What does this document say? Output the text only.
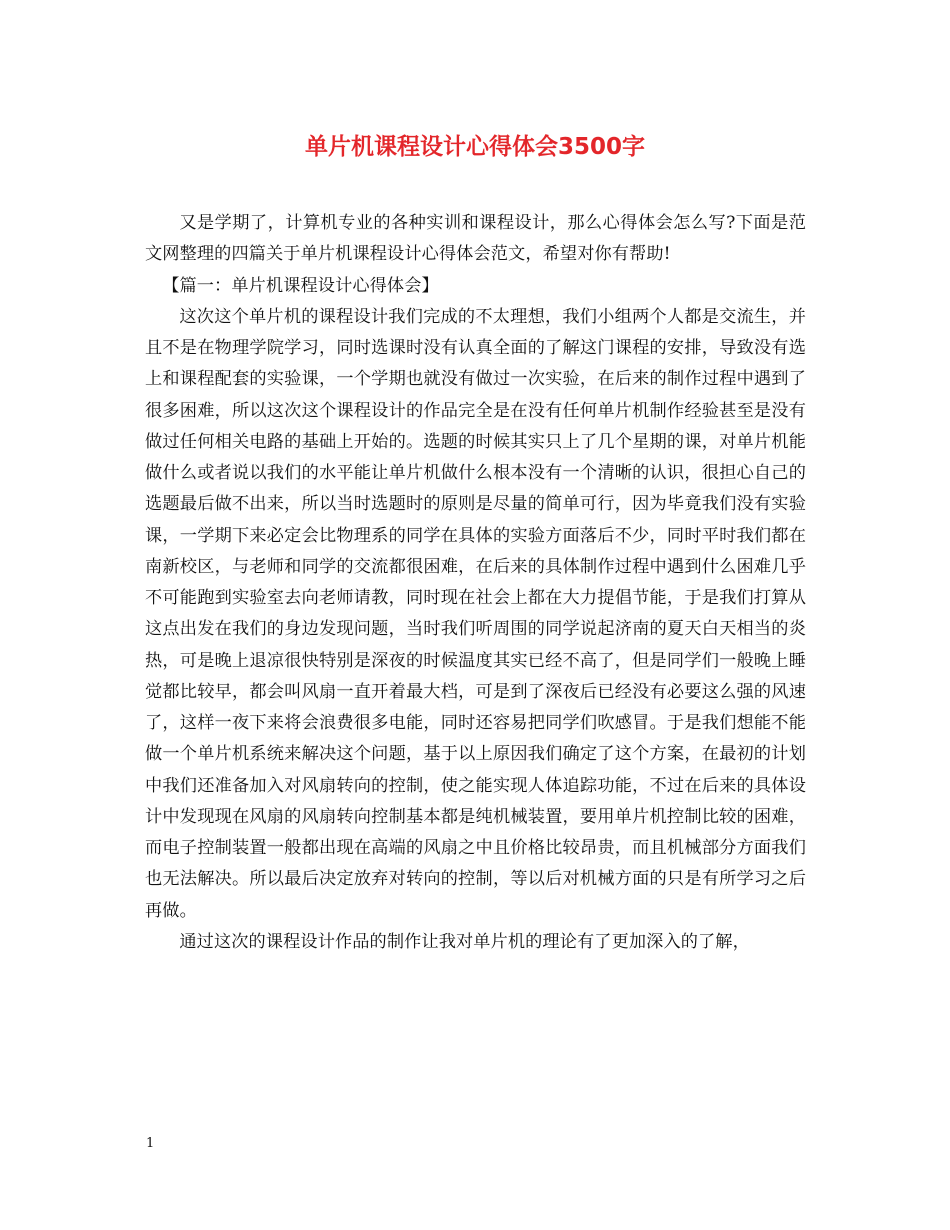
单片机课程设计心得体会3500字

又是学期了，计算机专业的各种实训和课程设计，那么心得体会怎么写?下面是范文网整理的四篇关于单片机课程设计心得体会范文，希望对你有帮助!

【篇一：单片机课程设计心得体会】

这次这个单片机的课程设计我们完成的不太理想，我们小组两个人都是交流生，并且不是在物理学院学习，同时选课时没有认真全面的了解这门课程的安排，导致没有选上和课程配套的实验课，一个学期也就没有做过一次实验，在后来的制作过程中遇到了很多困难，所以这次这个课程设计的作品完全是在没有任何单片机制作经验甚至是没有做过任何相关电路的基础上开始的。选题的时候其实只上了几个星期的课，对单片机能做什么或者说以我们的水平能让单片机做什么根本没有一个清晰的认识，很担心自己的选题最后做不出来，所以当时选题时的原则是尽量的简单可行，因为毕竟我们没有实验课，一学期下来必定会比物理系的同学在具体的实验方面落后不少，同时平时我们都在南新校区，与老师和同学的交流都很困难，在后来的具体制作过程中遇到什么困难几乎不可能跑到实验室去向老师请教，同时现在社会上都在大力提倡节能，于是我们打算从这点出发在我们的身边发现问题，当时我们听周围的同学说起济南的夏天白天相当的炎热，可是晚上退凉很快特别是深夜的时候温度其实已经不高了，但是同学们一般晚上睡觉都比较早，都会叫风扇一直开着最大档，可是到了深夜后已经没有必要这么强的风速了，这样一夜下来将会浪费很多电能，同时还容易把同学们吹感冒。于是我们想能不能做一个单片机系统来解决这个问题，基于以上原因我们确定了这个方案，在最初的计划中我们还准备加入对风扇转向的控制，使之能实现人体追踪功能，不过在后来的具体设计中发现现在风扇的风扇转向控制基本都是纯机械装置，要用单片机控制比较的困难，而电子控制装置一般都出现在高端的风扇之中且价格比较昂贵，而且机械部分方面我们也无法解决。所以最后决定放弃对转向的控制，等以后对机械方面的只是有所学习之后再做。

通过这次的课程设计作品的制作让我对单片机的理论有了更加深入的了解，

1
